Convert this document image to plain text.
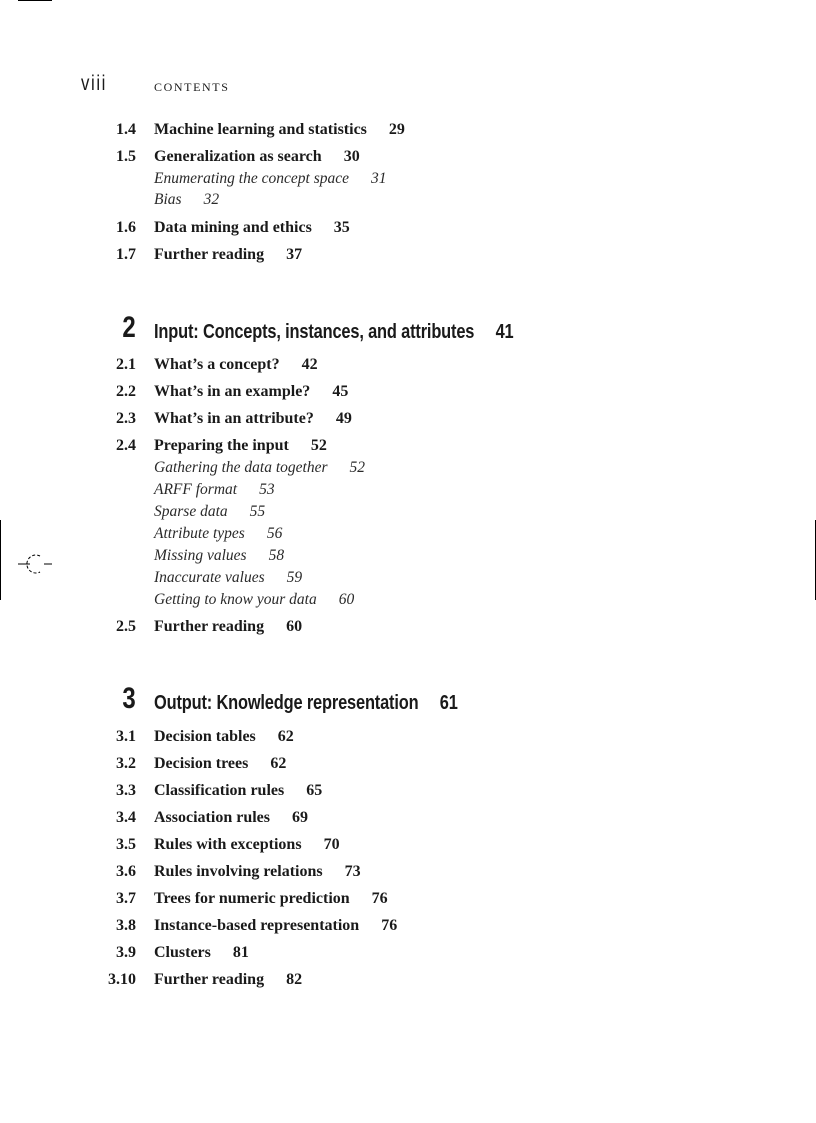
viii	CONTENTS
1.4 Machine learning and statistics 29
1.5 Generalization as search 30
Enumerating the concept space 31
Bias 32
1.6 Data mining and ethics 35
1.7 Further reading 37
2 Input: Concepts, instances, and attributes 41
2.1 What’s a concept? 42
2.2 What’s in an example? 45
2.3 What’s in an attribute? 49
2.4 Preparing the input 52
Gathering the data together 52
ARFF format 53
Sparse data 55
Attribute types 56
Missing values 58
Inaccurate values 59
Getting to know your data 60
2.5 Further reading 60
3 Output: Knowledge representation 61
3.1 Decision tables 62
3.2 Decision trees 62
3.3 Classification rules 65
3.4 Association rules 69
3.5 Rules with exceptions 70
3.6 Rules involving relations 73
3.7 Trees for numeric prediction 76
3.8 Instance-based representation 76
3.9 Clusters 81
3.10 Further reading 82
